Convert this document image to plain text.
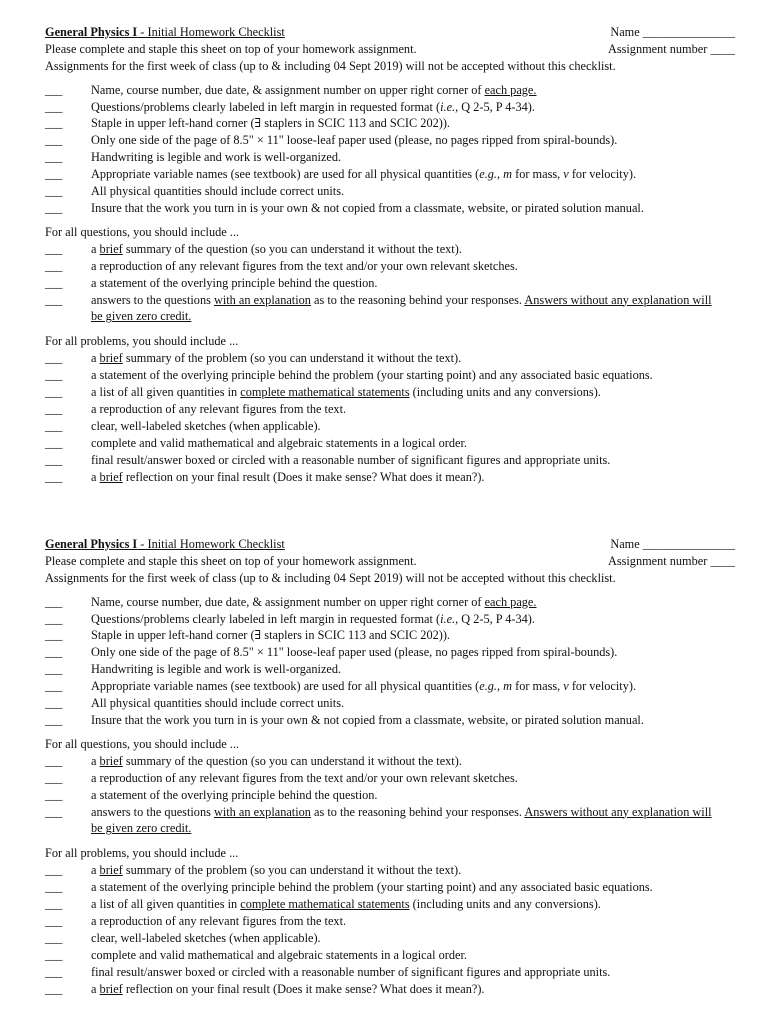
General Physics I - Initial Homework Checklist	Name _______________
Please complete and staple this sheet on top of your homework assignment.	Assignment number ____
Assignments for the first week of class (up to & including 04 Sept 2019) will not be accepted without this checklist.
___ Name, course number, due date, & assignment number on upper right corner of each page.
___ Questions/problems clearly labeled in left margin in requested format (i.e., Q 2-5, P 4-34).
___ Staple in upper left-hand corner (∃ staplers in SCIC 113 and SCIC 202)).
___ Only one side of the page of 8.5" × 11" loose-leaf paper used (please, no pages ripped from spiral-bounds).
___ Handwriting is legible and work is well-organized.
___ Appropriate variable names (see textbook) are used for all physical quantities (e.g., m for mass, v for velocity).
___ All physical quantities should include correct units.
___ Insure that the work you turn in is your own & not copied from a classmate, website, or pirated solution manual.
For all questions, you should include ...
___ a brief summary of the question (so you can understand it without the text).
___ a reproduction of any relevant figures from the text and/or your own relevant sketches.
___ a statement of the overlying principle behind the question.
___ answers to the questions with an explanation as to the reasoning behind your responses. Answers without any explanation will be given zero credit.
For all problems, you should include ...
___ a brief summary of the problem (so you can understand it without the text).
___ a statement of the overlying principle behind the problem (your starting point) and any associated basic equations.
___ a list of all given quantities in complete mathematical statements (including units and any conversions).
___ a reproduction of any relevant figures from the text.
___ clear, well-labeled sketches (when applicable).
___ complete and valid mathematical and algebraic statements in a logical order.
___ final result/answer boxed or circled with a reasonable number of significant figures and appropriate units.
___ a brief reflection on your final result (Does it make sense? What does it mean?).
General Physics I - Initial Homework Checklist	Name _______________
Please complete and staple this sheet on top of your homework assignment.	Assignment number ____
Assignments for the first week of class (up to & including 04 Sept 2019) will not be accepted without this checklist.
___ Name, course number, due date, & assignment number on upper right corner of each page.
___ Questions/problems clearly labeled in left margin in requested format (i.e., Q 2-5, P 4-34).
___ Staple in upper left-hand corner (∃ staplers in SCIC 113 and SCIC 202)).
___ Only one side of the page of 8.5" × 11" loose-leaf paper used (please, no pages ripped from spiral-bounds).
___ Handwriting is legible and work is well-organized.
___ Appropriate variable names (see textbook) are used for all physical quantities (e.g., m for mass, v for velocity).
___ All physical quantities should include correct units.
___ Insure that the work you turn in is your own & not copied from a classmate, website, or pirated solution manual.
For all questions, you should include ...
___ a brief summary of the question (so you can understand it without the text).
___ a reproduction of any relevant figures from the text and/or your own relevant sketches.
___ a statement of the overlying principle behind the question.
___ answers to the questions with an explanation as to the reasoning behind your responses. Answers without any explanation will be given zero credit.
For all problems, you should include ...
___ a brief summary of the problem (so you can understand it without the text).
___ a statement of the overlying principle behind the problem (your starting point) and any associated basic equations.
___ a list of all given quantities in complete mathematical statements (including units and any conversions).
___ a reproduction of any relevant figures from the text.
___ clear, well-labeled sketches (when applicable).
___ complete and valid mathematical and algebraic statements in a logical order.
___ final result/answer boxed or circled with a reasonable number of significant figures and appropriate units.
___ a brief reflection on your final result (Does it make sense? What does it mean?).
